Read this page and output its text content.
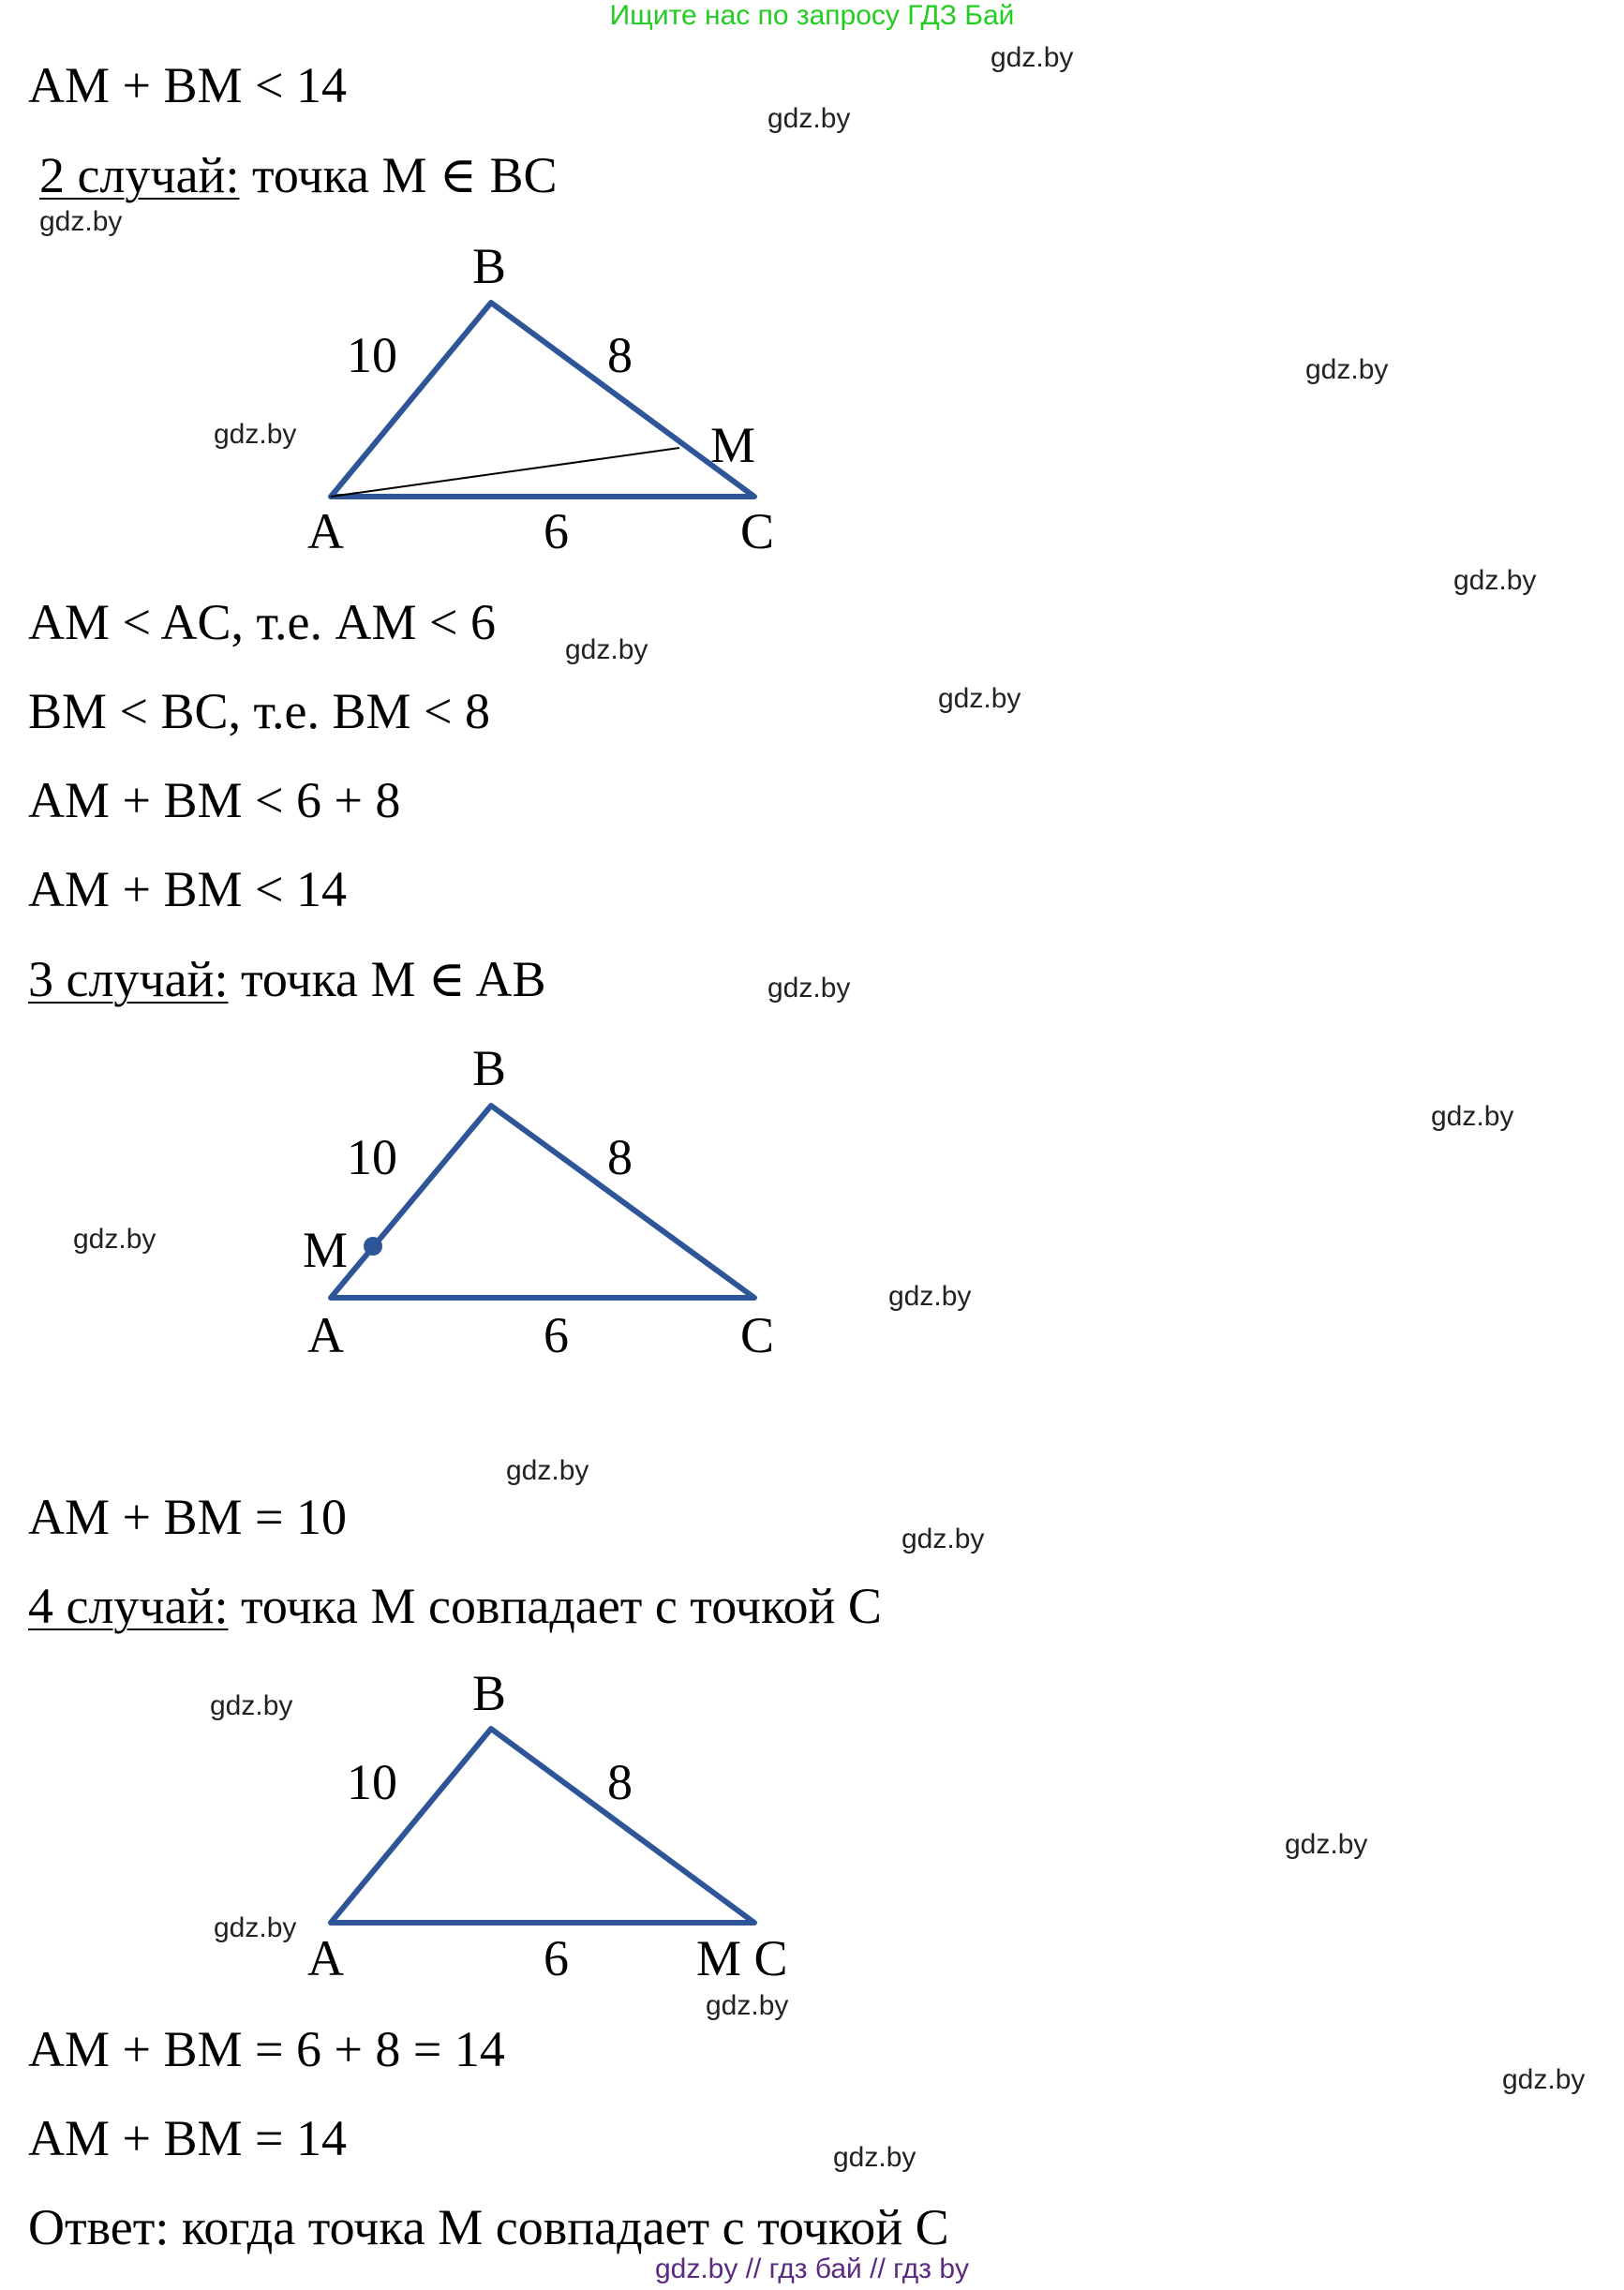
Ищите нас по запросу ГДЗ Бай
AM + BM < 14
2 случай: точка M ∈ BC
B
A	C
M
10	8
6
AM < AC, т.е. AM < 6
BM < BC, т.е. BM < 8
AM + BM < 6 + 8
AM + BM < 14
3 случай: точка M ∈ AB
B
A	C
M
10	8
6
AM + BM = 10
4 случай: точка M совпадает с точкой C
B
A	M C
10	8
6
AM + BM = 6 + 8 = 14
AM + BM = 14
Ответ: когда точка M совпадает с точкой C
gdz.by
gdz.by
gdz.by
gdz.by
gdz.by
gdz.by
gdz.by
gdz.by
gdz.by
gdz.by
gdz.by
gdz.by
gdz.by
gdz.by
gdz.by
gdz.by
gdz.by
gdz.by
gdz.by
gdz.by
gdz.by // гдз бай // гдз by
